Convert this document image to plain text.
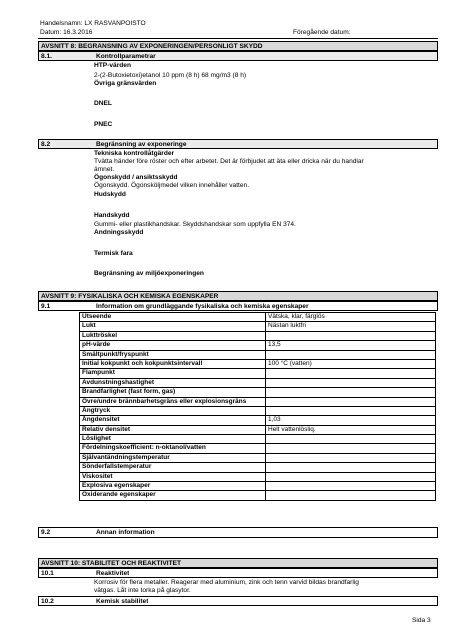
Handelsnamn: LX RASVANPOISTO
Datum: 16.3.2016	Föregående datum:
AVSNITT 8: BEGRÄNSNING AV EXPONERINGEN/PERSONLIGT SKYDD
8.1.	Kontrollparametrar
HTP-värden
2-(2-Butoxietoxi)etanol 10 ppm (8 h) 68 mg/m3 (8 h)
Övriga gränsvärden
DNEL
PNEC
8.2	Begränsning av exponeringe
Tekniska kontrollåtgärder
Tvätta händer före röster och efter arbetet. Det är förbjudet att äta eller dricka när du handlar
ämnet.
Ögonskydd / ansiktsskydd
Ögonskydd. Ögonsköljmedel vilken innehåller vatten.
Hudskydd
Handskydd
Gummi- eller plastikhandskar. Skyddshandskar som uppfylla EN 374.
Andningsskydd
Termisk fara
Begränsning av miljöexponeringen
AVSNITT 9: FYSIKALISKA OCH KEMISKA EGENSKAPER
9.1	Information om grundläggande fysikaliska och kemiska egenskaper
Utseende	Vätska, klar, färglös
Lukt	Nästan luktfri
Lukttröskel	
pH-värde	13,5
Smältpunkt/fryspunkt	
Initial kokpunkt och kokpunktsintervall	100 °C (vatten)
Flampunkt	
Avdunstningshastighet	
Brandfarlighet (fast form, gas)	
Övre/undre brännbarhetsgräns eller explosionsgräns	
Ångtryck	
Ångdensitet	1,03
Relativ densitet	Helt vattenlösliq.
Löslighet	
Fördelningskoefficient: n-oktanol/vatten	
Självantändningstemperatur	
Sönderfallstemperatur	
Viskositet	
Explosiva egenskaper	
Oxiderande egenskaper	
9.2	Annan information
AVSNITT 10: STABILITET OCH REAKTIVITET
10.1	Reaktivitet
Korrosiv för flera metaller. Reagerar med aluminium, zink och tenn varvid bildas brandfarlig
vätgas. Låt inte torka på glasytor.
10.2	Kemisk stabilitet
Sida 3
